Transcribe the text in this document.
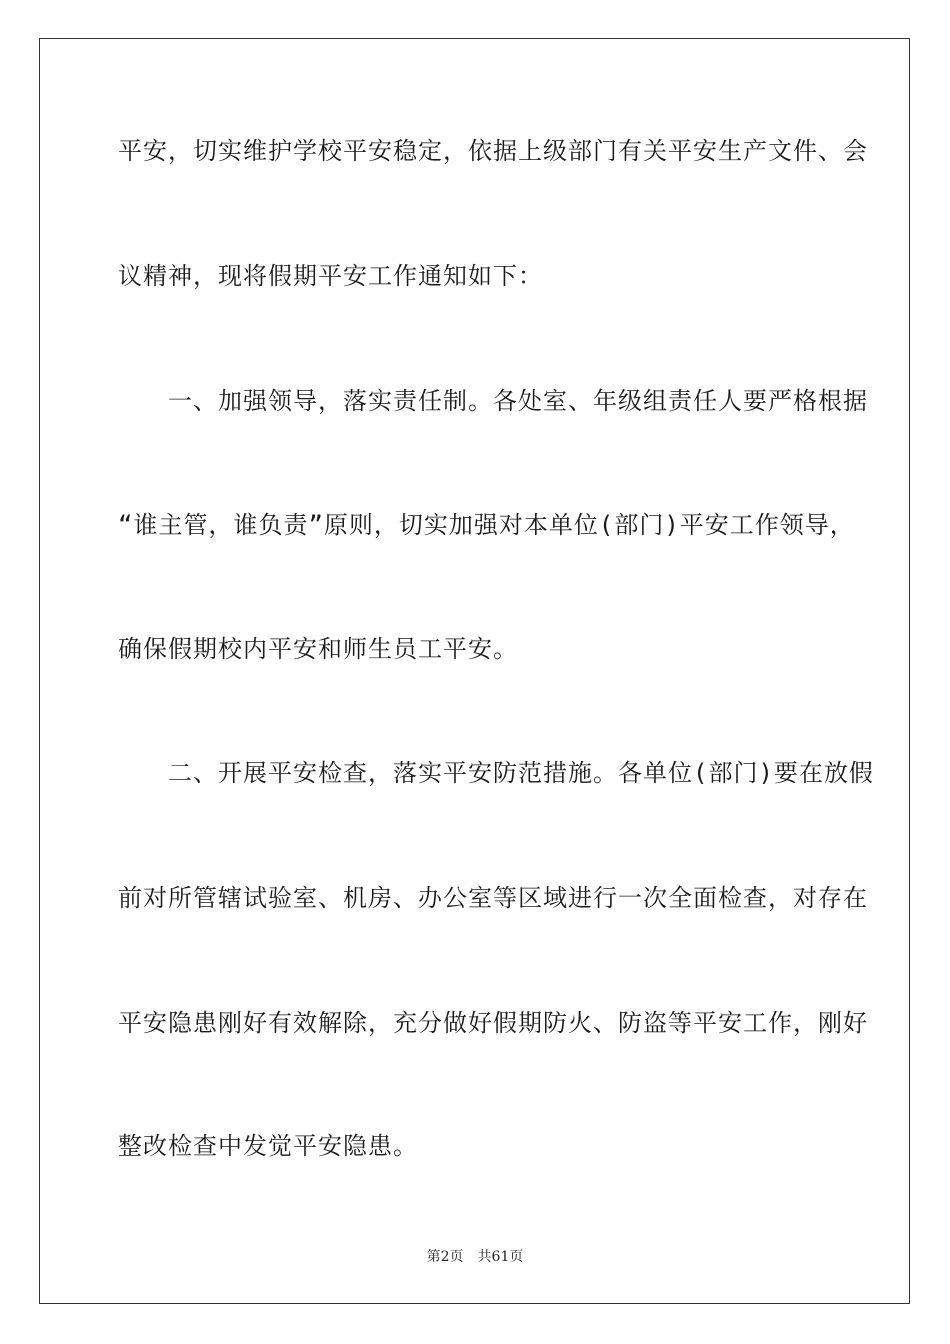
平安，切实维护学校平安稳定，依据上级部门有关平安生产文件、会
议精神，现将假期平安工作通知如下：
　　一、加强领导，落实责任制。各处室、年级组责任人要严格根据
“谁主管，谁负责”原则，切实加强对本单位(部门)平安工作领导，
确保假期校内平安和师生员工平安。
　　二、开展平安检查，落实平安防范措施。各单位(部门)要在放假
前对所管辖试验室、机房、办公室等区域进行一次全面检查，对存在
平安隐患刚好有效解除，充分做好假期防火、防盗等平安工作，刚好
整改检查中发觉平安隐患。
第2页 共61页
